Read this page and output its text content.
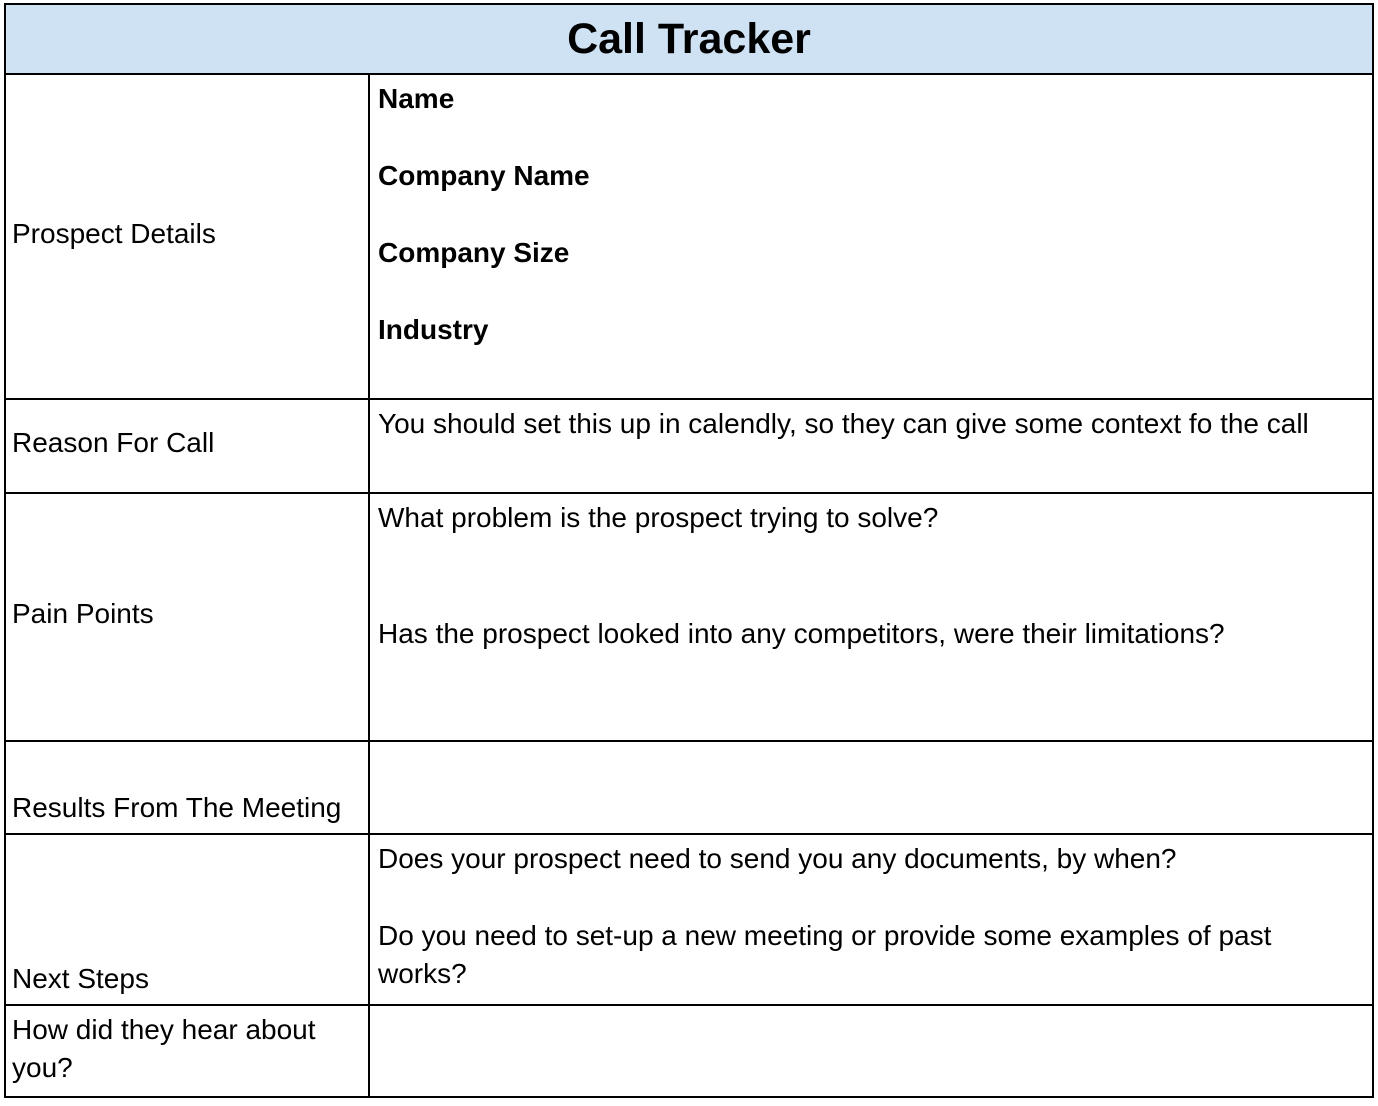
Call Tracker
Prospect Details
Name
Company Name
Company Size
Industry
Reason For Call

You should set this up in calendly, so they can give some context fo the call

Pain Points

What problem is the prospect trying to solve?

Has the prospect looked into any competitors, were their limitations?

Results From The Meeting

Next Steps

Does your prospect need to send you any documents, by when?

Do you need to set-up a new meeting or provide some examples of past works?

How did they hear about you?
